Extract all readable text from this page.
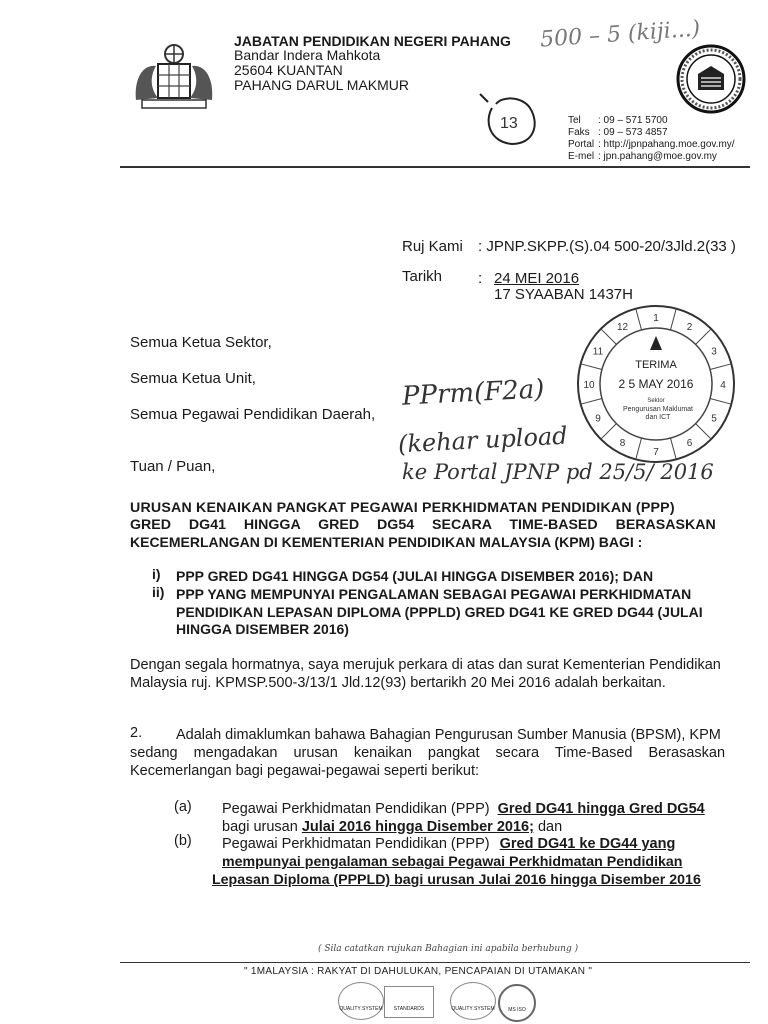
JABATAN PENDIDIKAN NEGERI PAHANG
Bandar Indera Mahkota
25604 KUANTAN
PAHANG DARUL MAKMUR
500 – 5 (kiji...)
13	Tel : 09 – 571 5700
Faks : 09 – 573 4857
Portal : http://jpnpahang.moe.gov.my/
E-mel : jpn.pahang@moe.gov.my
Ruj Kami : JPNP.SKPP.(S).04 500-20/3Jld.2(33 )
Tarikh : 24 MEI 2016
17 SYAABAN 1437H
1
2
3
4
5
6
7
8
9
10
11
12
TERIMA
2 5 MAY 2016
Sektor
Pengurusan Maklumat
dan ICT
Semua Ketua Sektor,
Semua Ketua Unit,
Semua Pegawai Pendidikan Daerah,
Tuan / Puan,
PPrm(F2a)
(kehar upload
ke Portal JPNP pd 25/5/ 2016
URUSAN KENAIKAN PANGKAT PEGAWAI PERKHIDMATAN PENDIDIKAN (PPP)
GRED DG41 HINGGA GRED DG54 SECARA TIME-BASED BERASASKAN
KECEMERLANGAN DI KEMENTERIAN PENDIDIKAN MALAYSIA (KPM) BAGI :
i) PPP GRED DG41 HINGGA DG54 (JULAI HINGGA DISEMBER 2016); DAN
ii) PPP YANG MEMPUNYAI PENGALAMAN SEBAGAI PEGAWAI PERKHIDMATAN
PENDIDIKAN LEPASAN DIPLOMA (PPPLD) GRED DG41 KE GRED DG44 (JULAI
HINGGA DISEMBER 2016)
Dengan segala hormatnya, saya merujuk perkara di atas dan surat Kementerian Pendidikan
Malaysia ruj. KPMSP.500-3/13/1 Jld.12(93) bertarikh 20 Mei 2016 adalah berkaitan.
2. Adalah dimaklumkan bahawa Bahagian Pengurusan Sumber Manusia (BPSM), KPM
sedang mengadakan urusan kenaikan pangkat secara Time-Based Berasaskan
Kecemerlangan bagi pegawai-pegawai seperti berikut:
(a) Pegawai Perkhidmatan Pendidikan (PPP) Gred DG41 hingga Gred DG54
bagi urusan Julai 2016 hingga Disember 2016; dan
(b) Pegawai Perkhidmatan Pendidikan (PPP) Gred DG41 ke DG44 yang
mempunyai pengalaman sebagai Pegawai Perkhidmatan Pendidikan
Lepasan Diploma (PPPLD) bagi urusan Julai 2016 hingga Disember 2016
( Sila catatkan rujukan Bahagian ini apabila berhubung )
" 1MALAYSIA : RAKYAT DI DAHULUKAN, PENCAPAIAN DI UTAMAKAN "
$_{QUALITY SYSTEM}$	$_{STANDARDS}$	$_{QUALITY SYSTEM}$	$_{MS ISO}$
